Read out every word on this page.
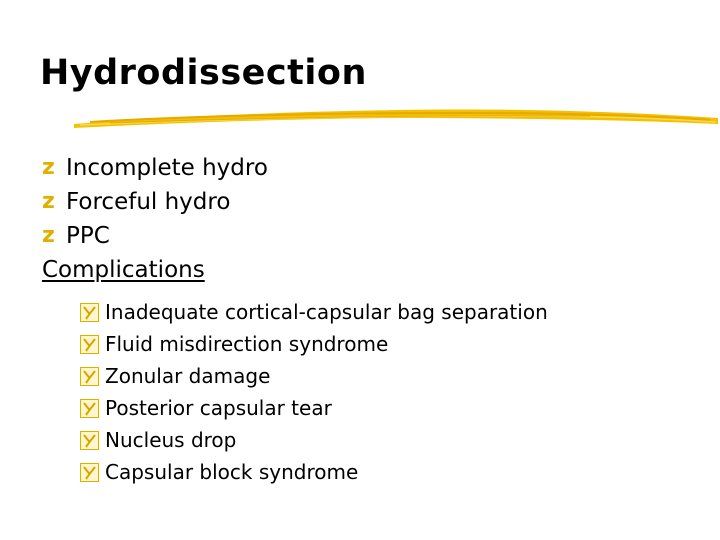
Hydrodissection
z Incomplete hydro
z Forceful hydro
z PPC
Complications
Inadequate cortical-capsular bag separation
Fluid misdirection syndrome
Zonular damage
Posterior capsular tear
Nucleus drop
Capsular block syndrome
